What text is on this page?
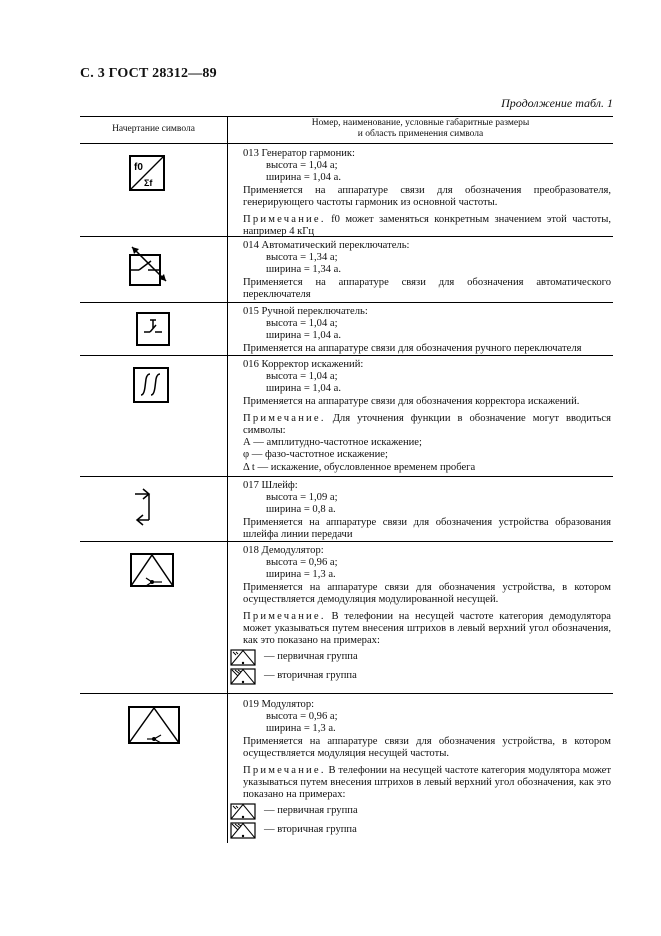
С. 3 ГОСТ 28312—89
Продолжение табл. 1
Начертание символа
Номер, наименование, условные габаритные размеры
и область применения символа
f0
Σf

013 Генератор гармоник:

высота = 1,04 а;

ширина = 1,04 а.

Применяется на аппаратуре связи для обозначения преобразователя, генерирующего частоты гармоник из основной частоты.

Примечание. f0 может заменяться конкретным значением этой частоты, например 4 кГц

014 Автоматический переключатель:

высота = 1,34 а;

ширина = 1,34 а.

Применяется на аппаратуре связи для обозначения автоматического переключателя

015 Ручной переключатель:

высота = 1,04 а;

ширина = 1,04 а.

Применяется на аппаратуре связи для обозначения ручного переключателя

016 Корректор искажений:

высота = 1,04 а;

ширина = 1,04 а.

Применяется на аппаратуре связи для обозначения корректора искажений.

Примечание. Для уточнения функции в обозначение могут вводиться символы:

А — амплитудно-частотное искажение;

φ — фазо-частотное искажение;

Δ t — искажение, обусловленное временем пробега

017 Шлейф:

высота = 1,09 а;

ширина = 0,8 а.

Применяется на аппаратуре связи для обозначения устройства образования шлейфа линии передачи

018 Демодулятор:

высота = 0,96 а;

ширина = 1,3 а.

Применяется на аппаратуре связи для обозначения устройства, в котором осуществляется демодуляция модулированной несущей.

Примечание. В телефонии на несущей частоте категория демодулятора может указываться путем внесения штрихов в левый верхний угол обозначения, как это показано на примерах:

— первичная группа
— вторичная группа

019 Модулятор:

высота = 0,96 а;

ширина = 1,3 а.

Применяется на аппаратуре связи для обозначения устройства, в котором осуществляется модуляция несущей частоты.

Примечание. В телефонии на несущей частоте категория модулятора может указываться путем внесения штрихов в левый верхний угол обозначения, как это показано на примерах:

— первичная группа
— вторичная группа
